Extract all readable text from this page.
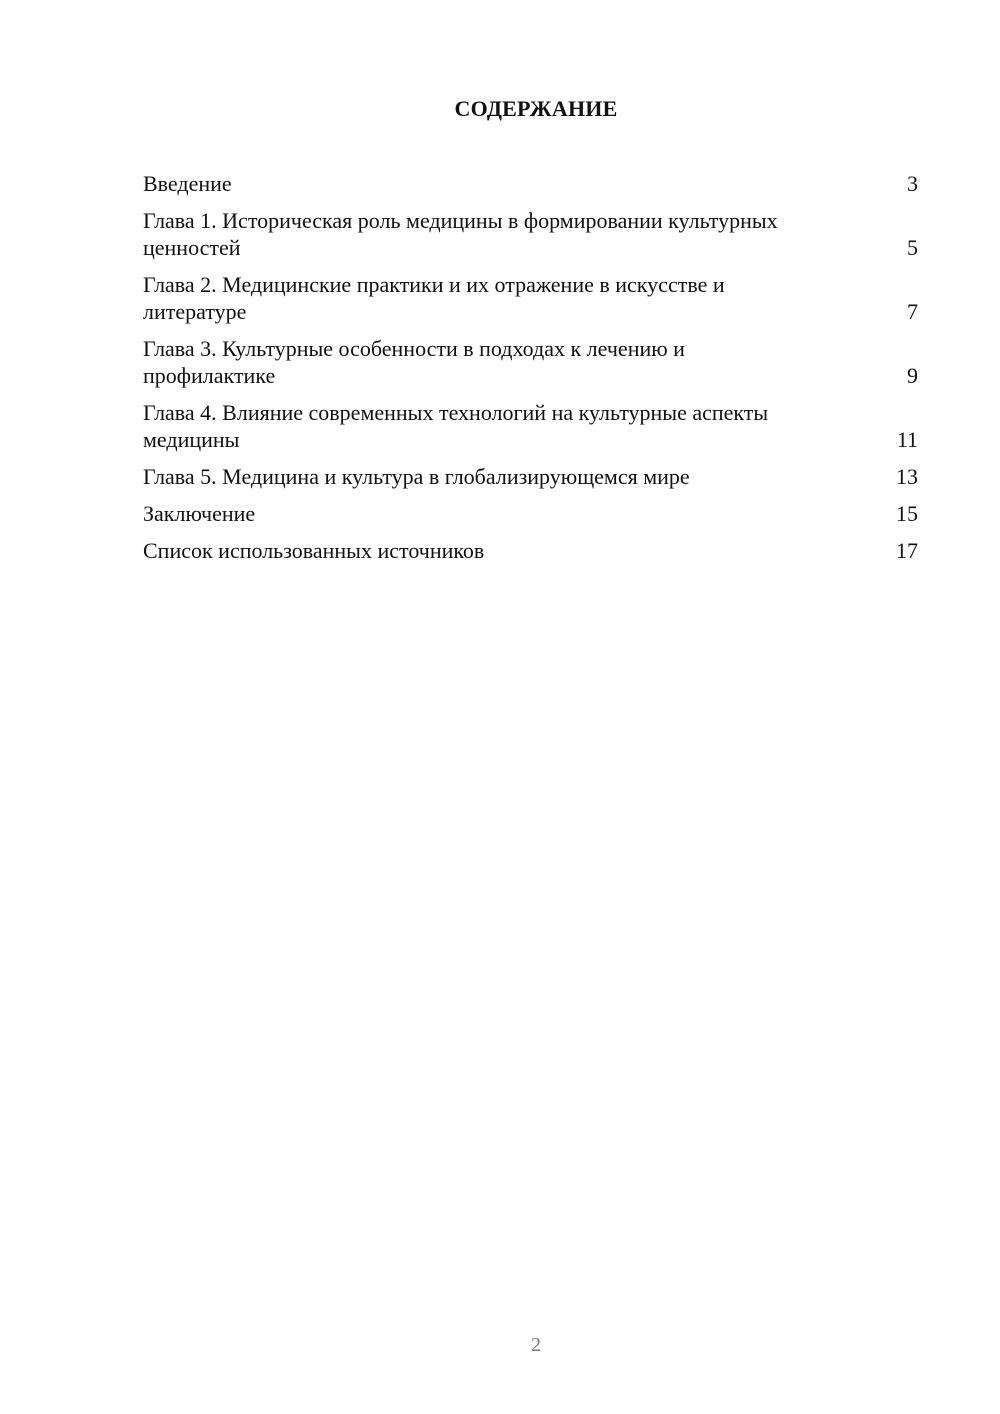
СОДЕРЖАНИЕ
Введение	3
Глава 1. Историческая роль медицины в формировании культурных ценностей	5
Глава 2. Медицинские практики и их отражение в искусстве и литературе	7
Глава 3. Культурные особенности в подходах к лечению и профилактике	9
Глава 4. Влияние современных технологий на культурные аспекты медицины	11
Глава 5. Медицина и культура в глобализирующемся мире	13
Заключение	15
Список использованных источников	17
2
